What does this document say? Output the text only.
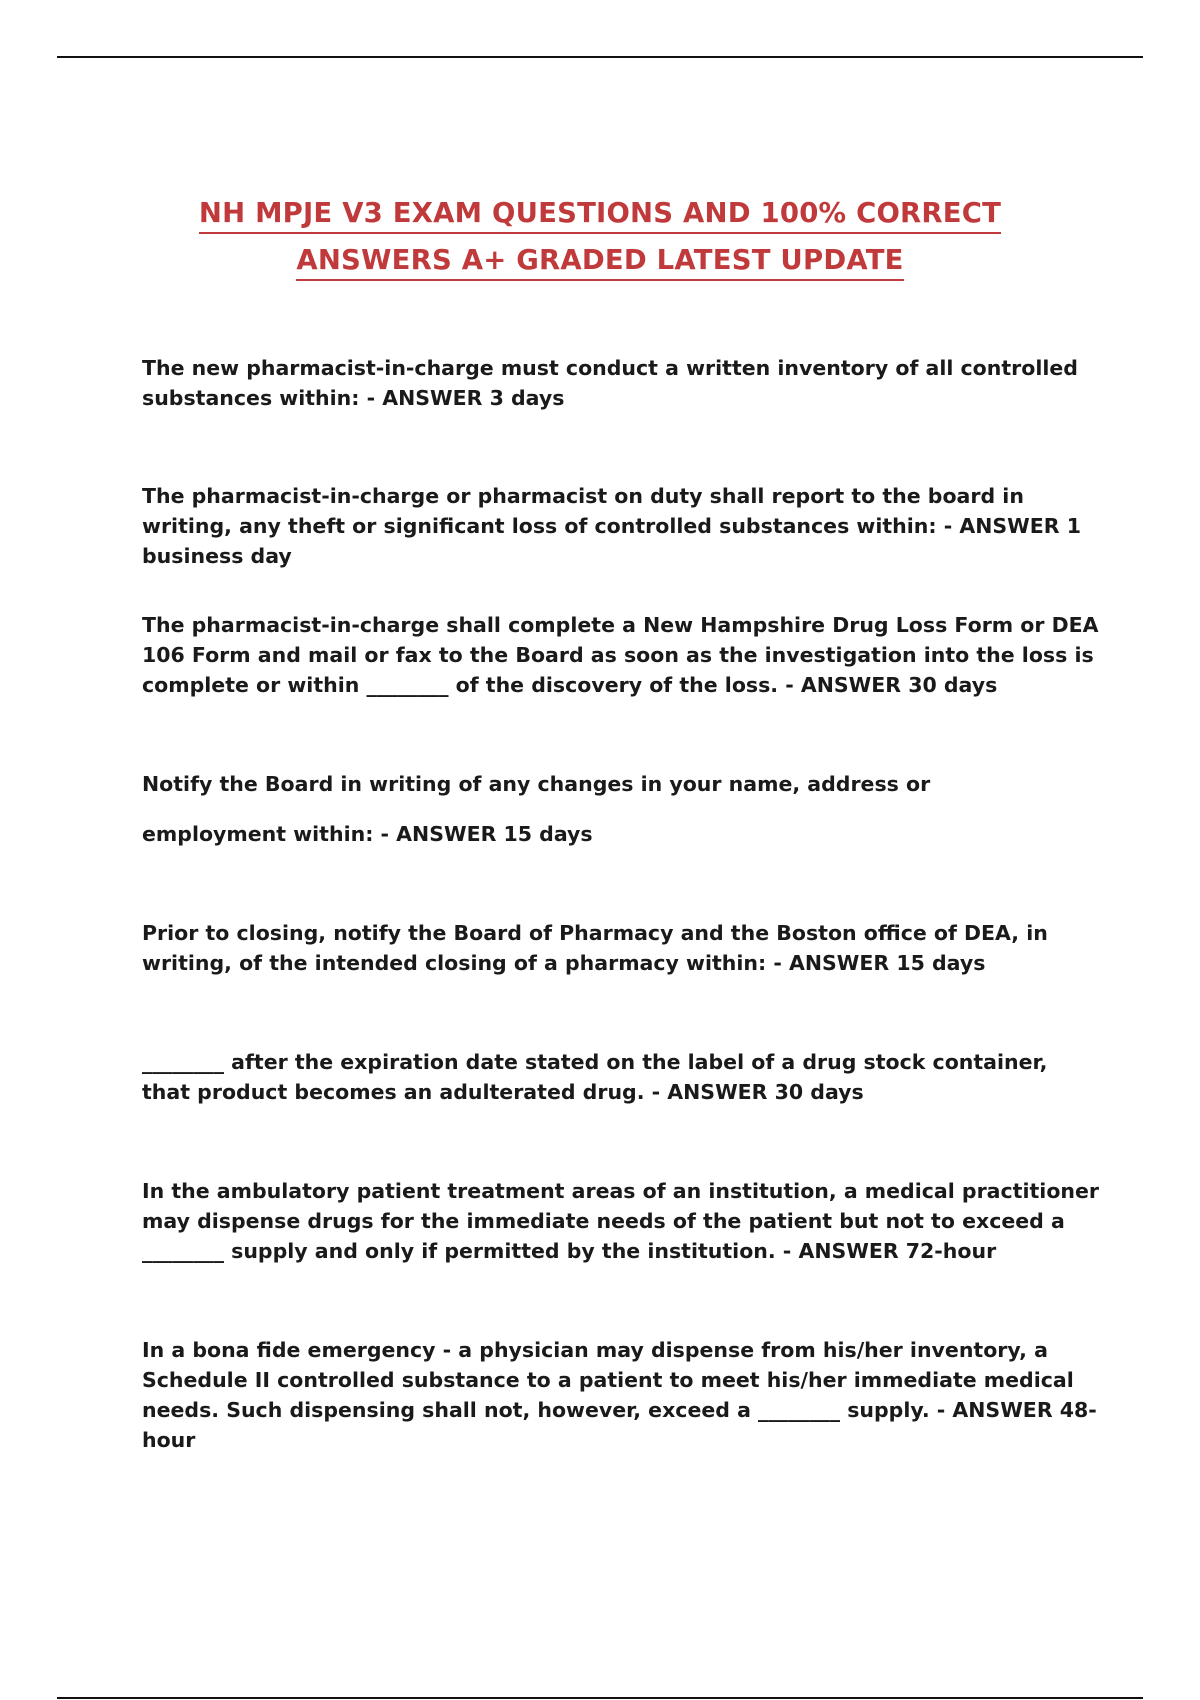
NH MPJE V3 EXAM QUESTIONS AND 100% CORRECT
ANSWERS A+ GRADED LATEST UPDATE

The new pharmacist-in-charge must conduct a written inventory of all controlled substances within: - ANSWER 3 days

The pharmacist-in-charge or pharmacist on duty shall report to the board in writing, any theft or significant loss of controlled substances within: - ANSWER 1 business day

The pharmacist-in-charge shall complete a New Hampshire Drug Loss Form or DEA 106 Form and mail or fax to the Board as soon as the investigation into the loss is complete or within ________ of the discovery of the loss. - ANSWER 30 days

Notify the Board in writing of any changes in your name, address or

employment within: - ANSWER 15 days

Prior to closing, notify the Board of Pharmacy and the Boston office of DEA, in writing, of the intended closing of a pharmacy within: - ANSWER 15 days

________ after the expiration date stated on the label of a drug stock container, that product becomes an adulterated drug. - ANSWER 30 days

In the ambulatory patient treatment areas of an institution, a medical practitioner may dispense drugs for the immediate needs of the patient but not to exceed a ________ supply and only if permitted by the institution. - ANSWER 72-hour

In a bona fide emergency - a physician may dispense from his/her inventory, a Schedule II controlled substance to a patient to meet his/her immediate medical needs. Such dispensing shall not, however, exceed a ________ supply. - ANSWER 48-hour
